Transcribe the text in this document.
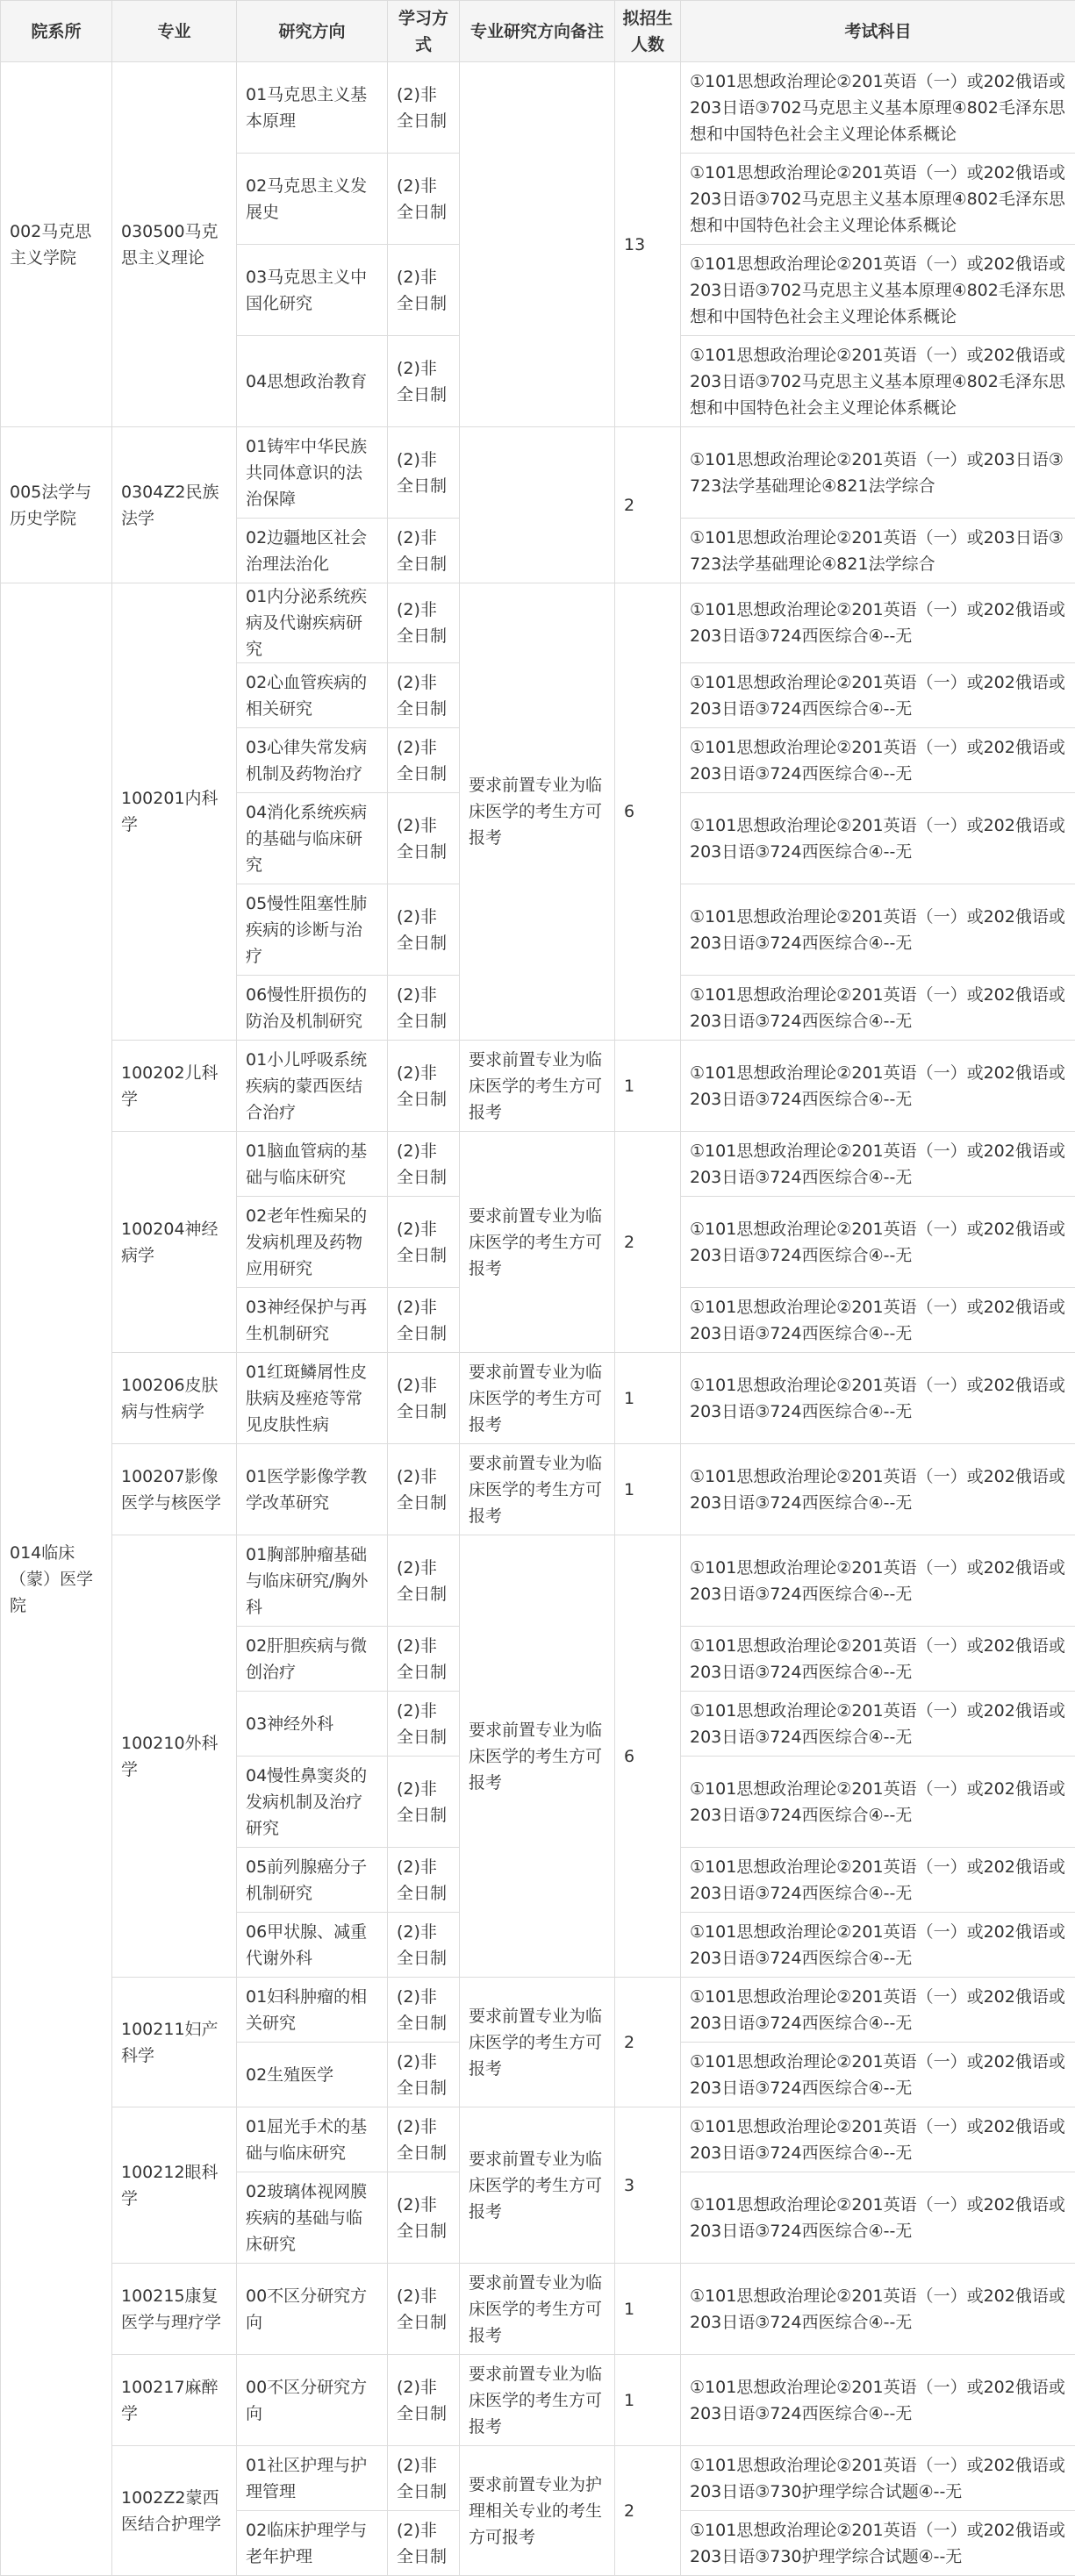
院系所	专业	研究方向	学习方式	专业研究方向备注	拟招生人数	考试科目
002马克思主义学院	030500马克思主义理论	01马克思主义基本原理	(2)非全日制		13	①101思想政治理论②201英语（一）或202俄语或203日语③702马克思主义基本原理④802毛泽东思想和中国特色社会主义理论体系概论
		02马克思主义发展史	(2)非全日制			①101思想政治理论②201英语（一）或202俄语或203日语③702马克思主义基本原理④802毛泽东思想和中国特色社会主义理论体系概论
		03马克思主义中国化研究	(2)非全日制			①101思想政治理论②201英语（一）或202俄语或203日语③702马克思主义基本原理④802毛泽东思想和中国特色社会主义理论体系概论
		04思想政治教育	(2)非全日制			①101思想政治理论②201英语（一）或202俄语或203日语③702马克思主义基本原理④802毛泽东思想和中国特色社会主义理论体系概论
005法学与历史学院	0304Z2民族法学	01铸牢中华民族共同体意识的法治保障	(2)非全日制		2	①101思想政治理论②201英语（一）或203日语③723法学基础理论④821法学综合
		02边疆地区社会治理法治化	(2)非全日制			①101思想政治理论②201英语（一）或203日语③723法学基础理论④821法学综合
014临床（蒙）医学院	100201内科学	01内分泌系统疾病及代谢疾病研究	(2)非全日制	要求前置专业为临床医学的考生方可报考	6	①101思想政治理论②201英语（一）或202俄语或203日语③724西医综合④--无
		02心血管疾病的相关研究	(2)非全日制			①101思想政治理论②201英语（一）或202俄语或203日语③724西医综合④--无
		03心律失常发病机制及药物治疗	(2)非全日制			①101思想政治理论②201英语（一）或202俄语或203日语③724西医综合④--无
		04消化系统疾病的基础与临床研究	(2)非全日制			①101思想政治理论②201英语（一）或202俄语或203日语③724西医综合④--无
		05慢性阻塞性肺疾病的诊断与治疗	(2)非全日制			①101思想政治理论②201英语（一）或202俄语或203日语③724西医综合④--无
		06慢性肝损伤的防治及机制研究	(2)非全日制			①101思想政治理论②201英语（一）或202俄语或203日语③724西医综合④--无
	100202儿科学	01小儿呼吸系统疾病的蒙西医结合治疗	(2)非全日制	要求前置专业为临床医学的考生方可报考	1	①101思想政治理论②201英语（一）或202俄语或203日语③724西医综合④--无
	100204神经病学	01脑血管病的基础与临床研究	(2)非全日制	要求前置专业为临床医学的考生方可报考	2	①101思想政治理论②201英语（一）或202俄语或203日语③724西医综合④--无
		02老年性痴呆的发病机理及药物应用研究	(2)非全日制			①101思想政治理论②201英语（一）或202俄语或203日语③724西医综合④--无
		03神经保护与再生机制研究	(2)非全日制			①101思想政治理论②201英语（一）或202俄语或203日语③724西医综合④--无
	100206皮肤病与性病学	01红斑鳞屑性皮肤病及痤疮等常见皮肤性病	(2)非全日制	要求前置专业为临床医学的考生方可报考	1	①101思想政治理论②201英语（一）或202俄语或203日语③724西医综合④--无
	100207影像医学与核医学	01医学影像学教学改革研究	(2)非全日制	要求前置专业为临床医学的考生方可报考	1	①101思想政治理论②201英语（一）或202俄语或203日语③724西医综合④--无
	100210外科学	01胸部肿瘤基础与临床研究/胸外科	(2)非全日制	要求前置专业为临床医学的考生方可报考	6	①101思想政治理论②201英语（一）或202俄语或203日语③724西医综合④--无
		02肝胆疾病与微创治疗	(2)非全日制			①101思想政治理论②201英语（一）或202俄语或203日语③724西医综合④--无
		03神经外科	(2)非全日制			①101思想政治理论②201英语（一）或202俄语或203日语③724西医综合④--无
		04慢性鼻窦炎的发病机制及治疗研究	(2)非全日制			①101思想政治理论②201英语（一）或202俄语或203日语③724西医综合④--无
		05前列腺癌分子机制研究	(2)非全日制			①101思想政治理论②201英语（一）或202俄语或203日语③724西医综合④--无
		06甲状腺、减重代谢外科	(2)非全日制			①101思想政治理论②201英语（一）或202俄语或203日语③724西医综合④--无
	100211妇产科学	01妇科肿瘤的相关研究	(2)非全日制	要求前置专业为临床医学的考生方可报考	2	①101思想政治理论②201英语（一）或202俄语或203日语③724西医综合④--无
		02生殖医学	(2)非全日制			①101思想政治理论②201英语（一）或202俄语或203日语③724西医综合④--无
	100212眼科学	01屈光手术的基础与临床研究	(2)非全日制	要求前置专业为临床医学的考生方可报考	3	①101思想政治理论②201英语（一）或202俄语或203日语③724西医综合④--无
		02玻璃体视网膜疾病的基础与临床研究	(2)非全日制			①101思想政治理论②201英语（一）或202俄语或203日语③724西医综合④--无
	100215康复医学与理疗学	00不区分研究方向	(2)非全日制	要求前置专业为临床医学的考生方可报考	1	①101思想政治理论②201英语（一）或202俄语或203日语③724西医综合④--无
	100217麻醉学	00不区分研究方向	(2)非全日制	要求前置专业为临床医学的考生方可报考	1	①101思想政治理论②201英语（一）或202俄语或203日语③724西医综合④--无
	1002Z2蒙西医结合护理学	01社区护理与护理管理	(2)非全日制	要求前置专业为护理相关专业的考生方可报考	2	①101思想政治理论②201英语（一）或202俄语或203日语③730护理学综合试题④--无
		02临床护理学与老年护理	(2)非全日制			①101思想政治理论②201英语（一）或202俄语或203日语③730护理学综合试题④--无
